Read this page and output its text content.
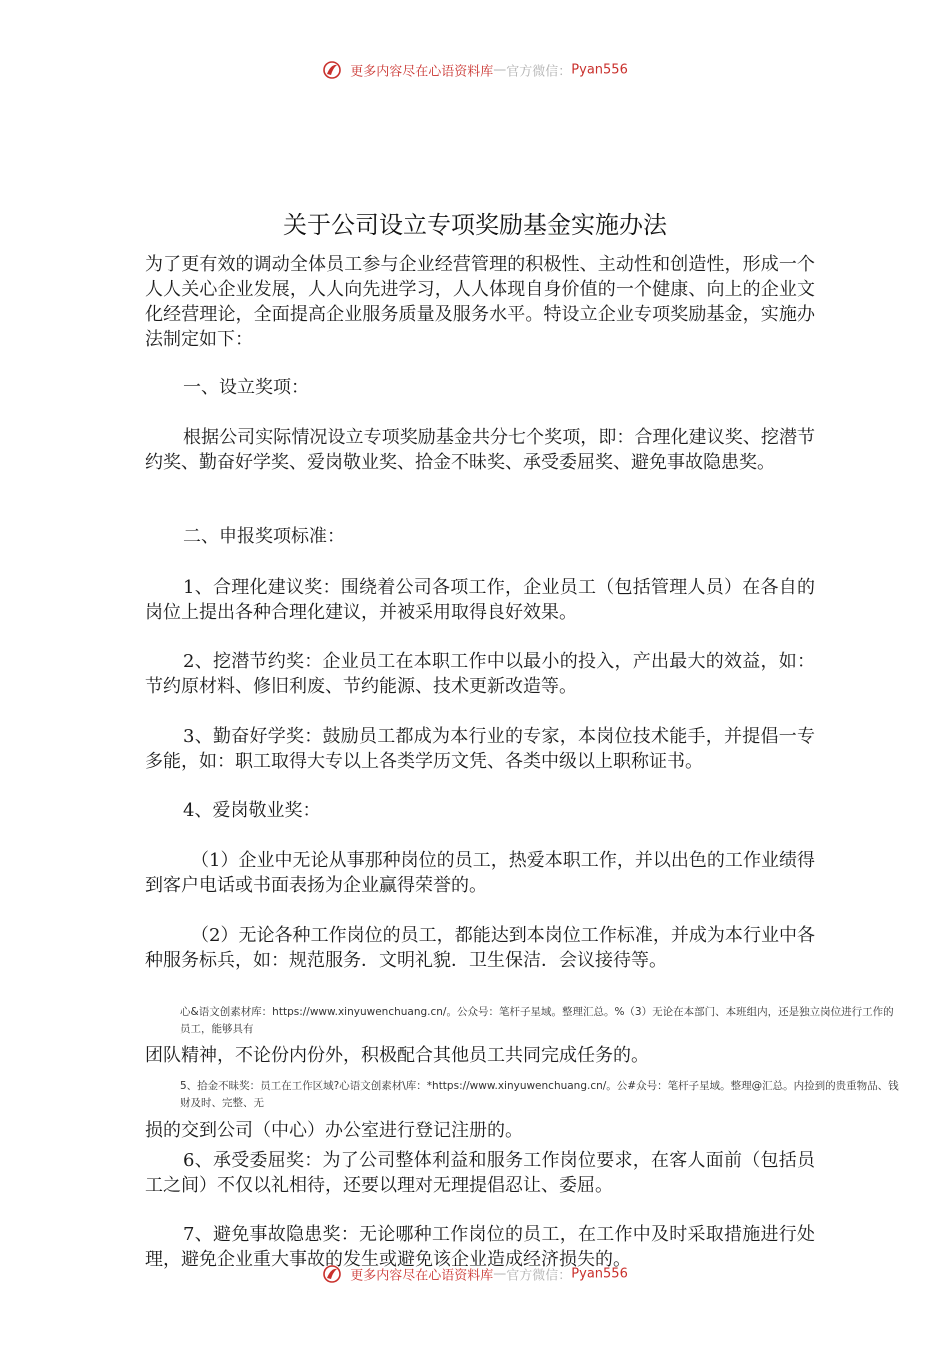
更多内容尽在心语资料库—官方微信：Pyan556
关于公司设立专项奖励基金实施办法

为了更有效的调动全体员工参与企业经营管理的积极性、主动性和创造性，形成一个人人关心企业发展，人人向先进学习，人人体现自身价值的一个健康、向上的企业文化经营理论，全面提高企业服务质量及服务水平。特设立企业专项奖励基金，实施办法制定如下：

一、设立奖项：

根据公司实际情况设立专项奖励基金共分七个奖项，即：合理化建议奖、挖潜节约奖、勤奋好学奖、爱岗敬业奖、拾金不昧奖、承受委屈奖、避免事故隐患奖。

二、申报奖项标准：

1、合理化建议奖：围绕着公司各项工作，企业员工（包括管理人员）在各自的岗位上提出各种合理化建议，并被采用取得良好效果。

2、挖潜节约奖：企业员工在本职工作中以最小的投入，产出最大的效益，如：节约原材料、修旧利废、节约能源、技术更新改造等。

3、勤奋好学奖：鼓励员工都成为本行业的专家，本岗位技术能手，并提倡一专多能，如：职工取得大专以上各类学历文凭、各类中级以上职称证书。

4、爱岗敬业奖：

（1）企业中无论从事那种岗位的员工，热爱本职工作，并以出色的工作业绩得到客户电话或书面表扬为企业赢得荣誉的。

（2）无论各种工作岗位的员工，都能达到本岗位工作标准，并成为本行业中各种服务标兵，如：规范服务．文明礼貌．卫生保洁．会议接待等。

心&语文创素材库：https://www.xinyuwenchuang.cn/。公众号：笔杆子星域。整理汇总。%（3）无论在本部门、本班组内，还是独立岗位进行工作的员工，能够具有

团队精神，不论份内份外，积极配合其他员工共同完成任务的。

5、拾金不昧奖：员工在工作区域?心语文创素材\库：*https://www.xinyuwenchuang.cn/。公#众号：笔杆子星域。整理@汇总。内捡到的贵重物品、钱财及时、完整、无

损的交到公司（中心）办公室进行登记注册的。

6、承受委屈奖：为了公司整体利益和服务工作岗位要求，在客人面前（包括员工之间）不仅以礼相待，还要以理对无理提倡忍让、委屈。

7、避免事故隐患奖：无论哪种工作岗位的员工，在工作中及时采取措施进行处理，避免企业重大事故的发生或避免该企业造成经济损失的。

更多内容尽在心语资料库—官方微信：Pyan556
